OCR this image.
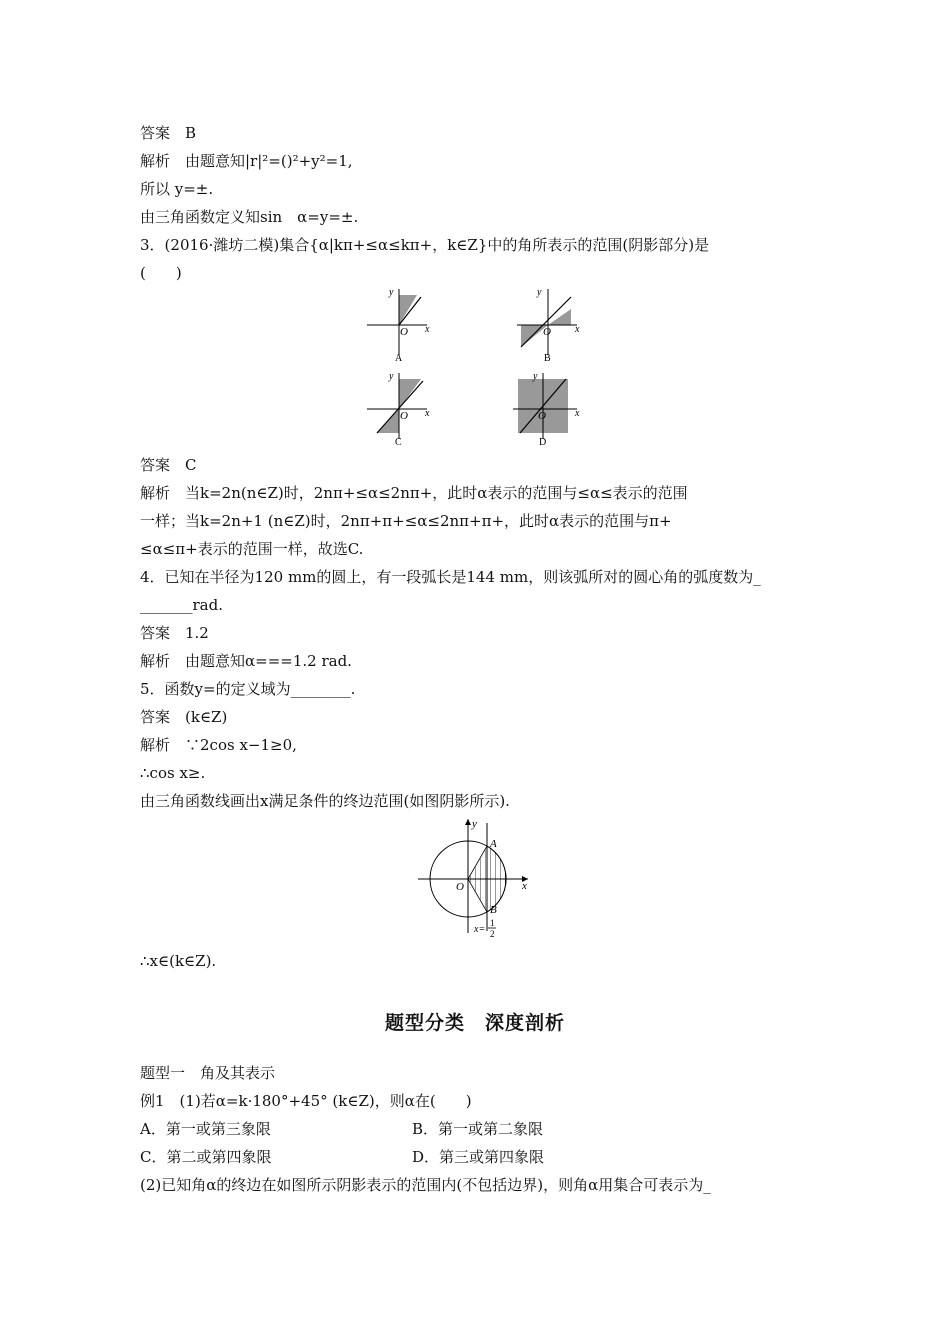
答案　B
解析　由题意知|r|²=()²+y²=1,
所以 y=±.
由三角函数定义知sin　α=y=±.
3．(2016·潍坊二模)集合{α|kπ+≤α≤kπ+，k∈Z}中的角所表示的范围(阴影部分)是
(　　)
y
x
O
A
y
x
O
B
y
x
O
C
y
x
O
D
答案　C
解析　当k=2n(n∈Z)时，2nπ+≤α≤2nπ+，此时α表示的范围与≤α≤表示的范围
一样；当k=2n+1 (n∈Z)时，2nπ+π+≤α≤2nπ+π+，此时α表示的范围与π+
≤α≤π+表示的范围一样，故选C.
4．已知在半径为120 mm的圆上，有一段弧长是144 mm，则该弧所对的圆心角的弧度数为_
_______rad.
答案　1.2
解析　由题意知α===1.2 rad.
5．函数y=的定义域为________.
答案　(k∈Z)
解析　∵2cos x−1≥0,
∴cos x≥.
由三角函数线画出x满足条件的终边范围(如图阴影所示).
y
x
O
A
B
x=
1
2
∴x∈(k∈Z).
题型分类　深度剖析
题型一　角及其表示
例1　(1)若α=k·180°+45° (k∈Z)，则α在(　　)
A．第一或第三象限	B．第一或第二象限
C．第二或第四象限	D．第三或第四象限
(2)已知角α的终边在如图所示阴影表示的范围内(不包括边界)，则角α用集合可表示为_
